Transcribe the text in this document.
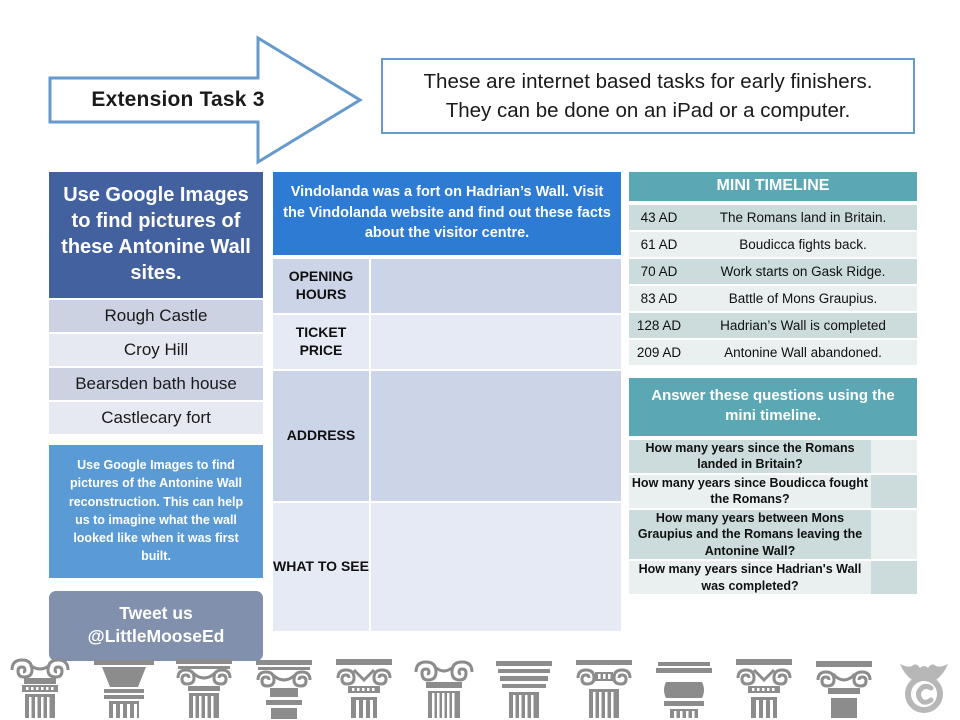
Extension Task 3
These are internet based tasks for early finishers.
They can be done on an iPad or a computer.
Use Google Images to find pictures of these Antonine Wall sites.
Rough Castle
Croy Hill
Bearsden bath house
Castlecary fort
Use Google Images to find pictures of the Antonine Wall reconstruction. This can help us to imagine what the wall looked like when it was first built.
Tweet us
@LittleMooseEd
Vindolanda was a fort on Hadrian’s Wall. Visit the Vindolanda website and find out these facts about the visitor centre.
OPENING HOURS		
TICKET PRICE		
ADDRESS		
WHAT TO SEE		
MINI TIMELINE
43 AD	The Romans land in Britain.
61 AD	Boudicca fights back.
70 AD	Work starts on Gask Ridge.
83 AD	Battle of Mons Graupius.
128 AD	Hadrian’s Wall is completed
209 AD	Antonine Wall abandoned.
Answer these questions using the mini timeline.
How many years since the Romans landed in Britain?	
How many years since Boudicca fought the Romans?	
How many years between Mons Graupius and the Romans leaving the Antonine Wall?	
How many years since Hadrian's Wall was completed?	
